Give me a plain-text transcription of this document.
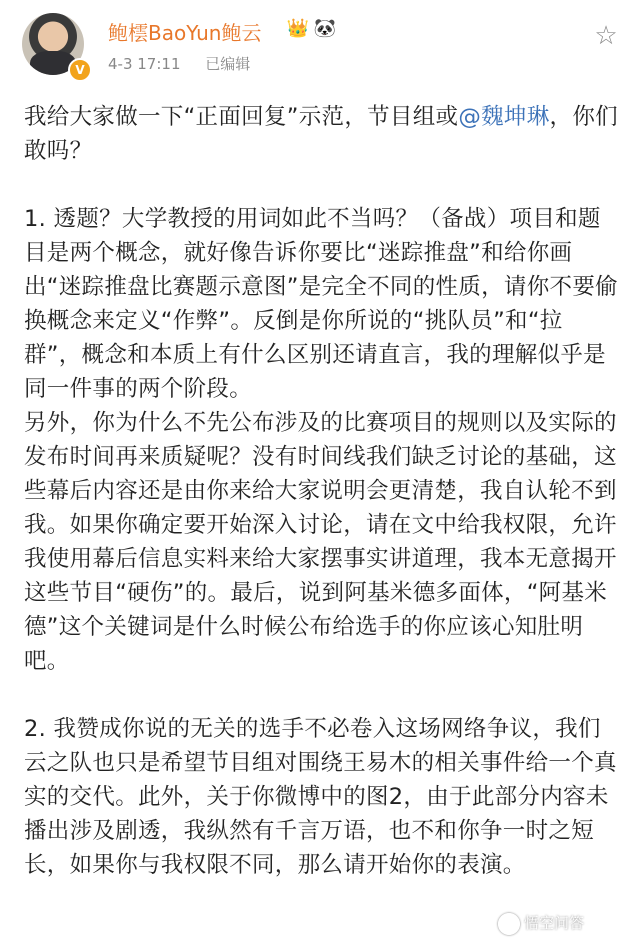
V
鲍橒BaoYun鲍云 👑 🐼
4-3 17:11 已编辑
☆

我给大家做一下“正面回复”示范，节目组或@魏坤琳，你们敢吗？

1. 透题？大学教授的用词如此不当吗？（备战）项目和题目是两个概念，就好像告诉你要比“迷踪推盘”和给你画出“迷踪推盘比赛题示意图”是完全不同的性质，请你不要偷换概念来定义“作弊”。反倒是你所说的“挑队员”和“拉群”，概念和本质上有什么区别还请直言，我的理解似乎是同一件事的两个阶段。

另外，你为什么不先公布涉及的比赛项目的规则以及实际的发布时间再来质疑呢？没有时间线我们缺乏讨论的基础，这些幕后内容还是由你来给大家说明会更清楚，我自认轮不到我。如果你确定要开始深入讨论，请在文中给我权限，允许我使用幕后信息实料来给大家摆事实讲道理，我本无意揭开这些节目“硬伤”的。最后，说到阿基米德多面体，“阿基米德”这个关键词是什么时候公布给选手的你应该心知肚明吧。

2. 我赞成你说的无关的选手不必卷入这场网络争议，我们云之队也只是希望节目组对围绕王易木的相关事件给一个真实的交代。此外，关于你微博中的图2，由于此部分内容未播出涉及剧透，我纵然有千言万语，也不和你争一时之短长，如果你与我权限不同，那么请开始你的表演。

悟空问答
